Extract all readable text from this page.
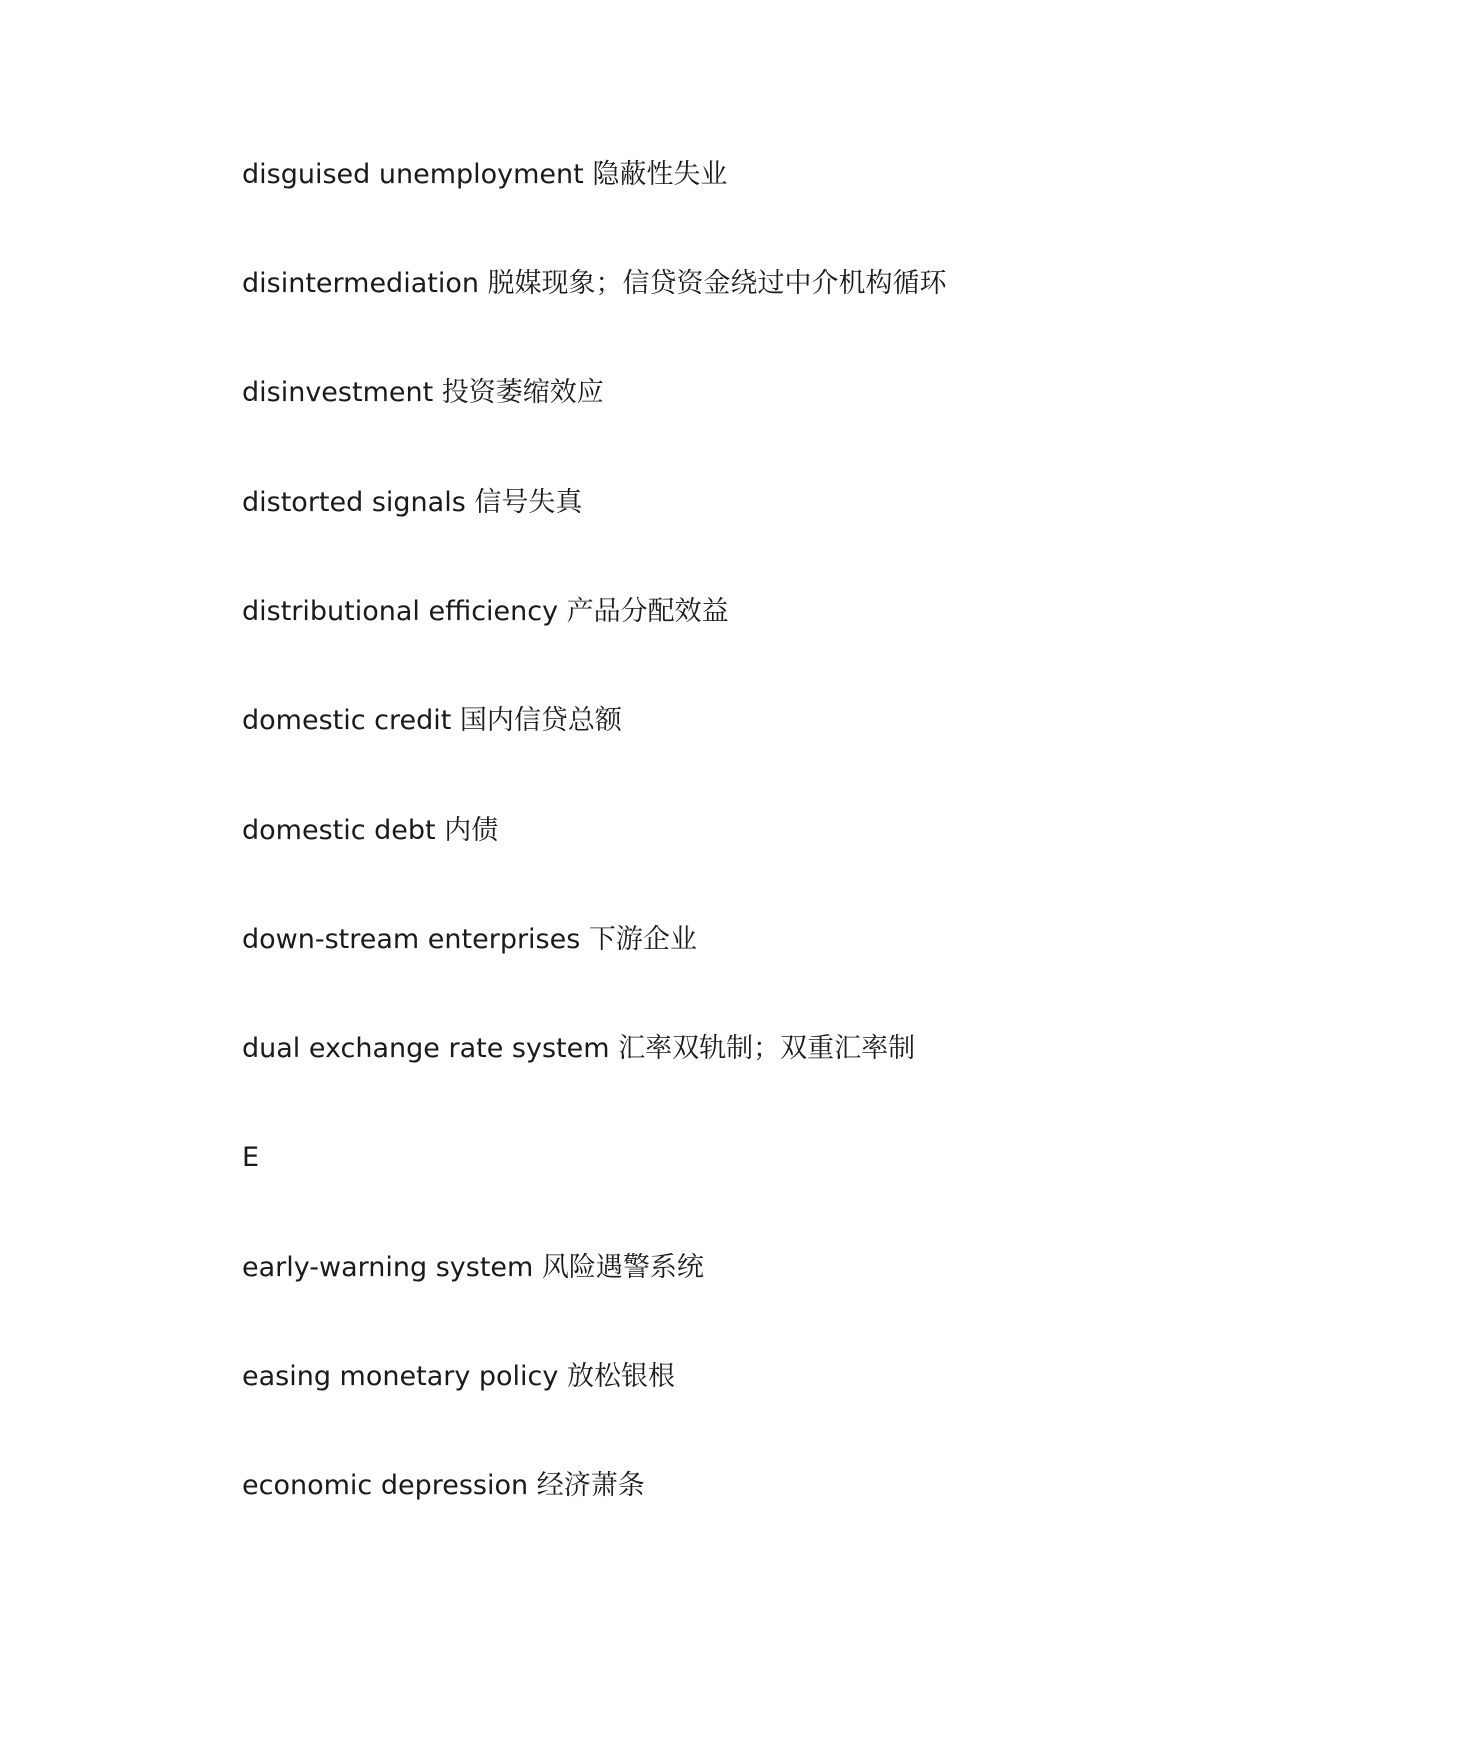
disguised unemployment 隐蔽性失业

disintermediation 脱媒现象；信贷资金绕过中介机构循环

disinvestment 投资萎缩效应

distorted signals 信号失真

distributional efficiency 产品分配效益

domestic credit 国内信贷总额

domestic debt 内债

down-stream enterprises 下游企业

dual exchange rate system 汇率双轨制；双重汇率制

E

early-warning system 风险遇警系统

easing monetary policy 放松银根

economic depression 经济萧条
